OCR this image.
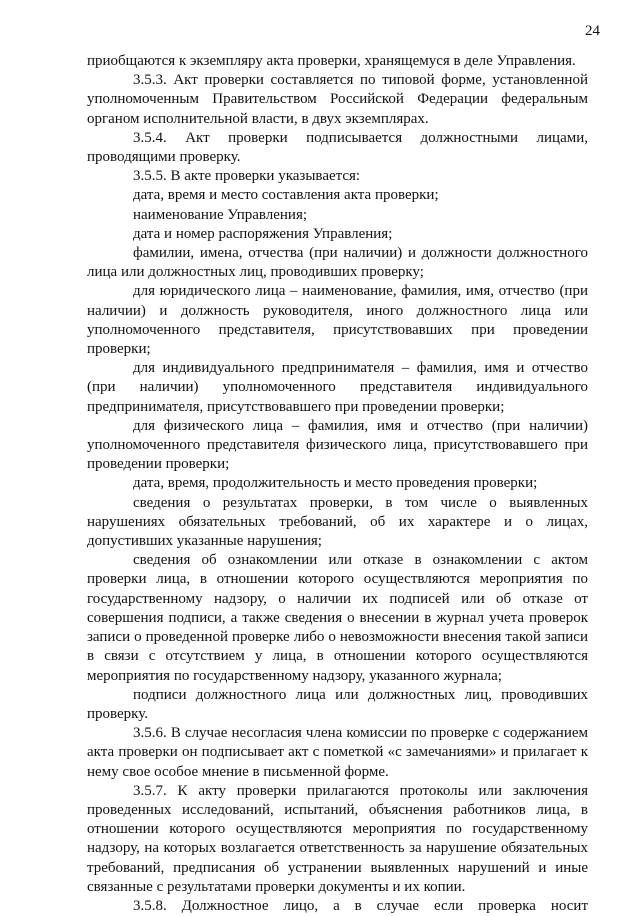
24

приобщаются к экземпляру акта проверки, хранящемуся в деле Управления.

3.5.3. Акт проверки составляется по типовой форме, установленной уполномоченным Правительством Российской Федерации федеральным органом исполнительной власти, в двух экземплярах.

3.5.4. Акт проверки подписывается должностными лицами, проводящими проверку.

3.5.5. В акте проверки указывается:

дата, время и место составления акта проверки;

наименование Управления;

дата и номер распоряжения Управления;

фамилии, имена, отчества (при наличии) и должности должностного лица или должностных лиц, проводивших проверку;

для юридического лица – наименование, фамилия, имя, отчество (при наличии) и должность руководителя, иного должностного лица или уполномоченного представителя, присутствовавших при проведении проверки;

для индивидуального предпринимателя – фамилия, имя и отчество (при наличии) уполномоченного представителя индивидуального предпринимателя, присутствовавшего при проведении проверки;

для физического лица – фамилия, имя и отчество (при наличии) уполномоченного представителя физического лица, присутствовавшего при проведении проверки;

дата, время, продолжительность и место проведения проверки;

сведения о результатах проверки, в том числе о выявленных нарушениях обязательных требований, об их характере и о лицах, допустивших указанные нарушения;

сведения об ознакомлении или отказе в ознакомлении с актом проверки лица, в отношении которого осуществляются мероприятия по государственному надзору, о наличии их подписей или об отказе от совершения подписи, а также сведения о внесении в журнал учета проверок записи о проведенной проверке либо о невозможности внесения такой записи в связи с отсутствием у лица, в отношении которого осуществляются мероприятия по государственному надзору, указанного журнала;

подписи должностного лица или должностных лиц, проводивших проверку.

3.5.6. В случае несогласия члена комиссии по проверке с содержанием акта проверки он подписывает акт с пометкой «с замечаниями» и прилагает к нему свое особое мнение в письменной форме.

3.5.7. К акту проверки прилагаются протоколы или заключения проведенных исследований, испытаний, объяснения работников лица, в отношении которого осуществляются мероприятия по государственному надзору, на которых возлагается ответственность за нарушение обязательных требований, предписания об устранении выявленных нарушений и иные связанные с результатами проверки документы и их копии.

3.5.8. Должностное лицо, а в случае если проверка носит
